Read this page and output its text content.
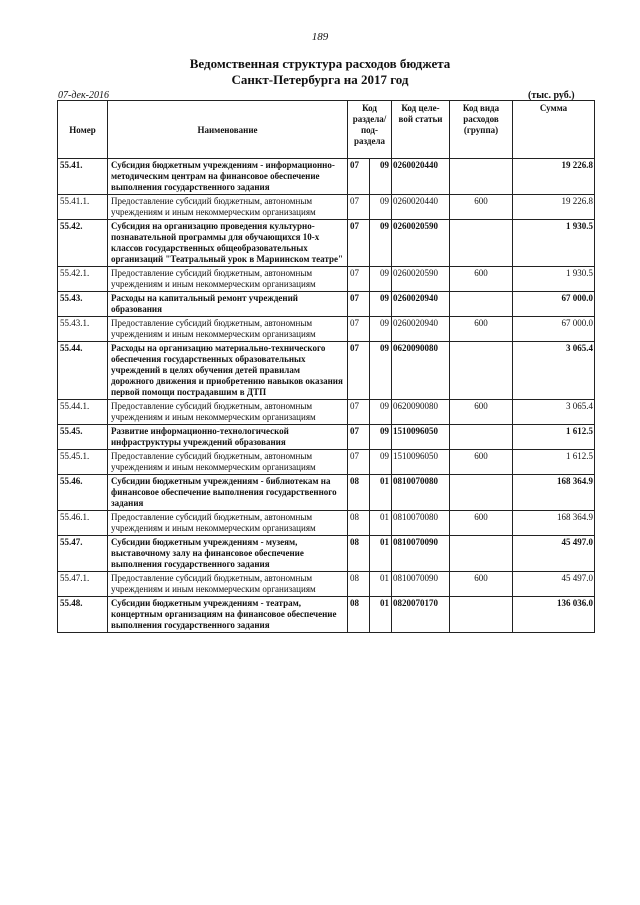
189
Ведомственная структура расходов бюджета
Санкт-Петербурга на 2017 год
07-дек-2016	(тыс. руб.)
Номер	Наименование	Код раздела/ под- раздела		Код целе- вой статьи	Код вида расходов (группа)	Сумма
55.41.	Субсидия бюджетным учреждениям - информационно-методическим центрам на финансовое обеспечение выполнения государственного задания	07	09	0260020440		19 226.8
55.41.1.	Предоставление субсидий бюджетным, автономным учреждениям и иным некоммерческим организациям	07	09	0260020440	600	19 226.8
55.42.	Субсидия на организацию проведения культурно-познавательной программы для обучающихся 10-х классов государственных общеобразовательных организаций "Театральный урок в Мариинском театре"	07	09	0260020590		1 930.5
55.42.1.	Предоставление субсидий бюджетным, автономным учреждениям и иным некоммерческим организациям	07	09	0260020590	600	1 930.5
55.43.	Расходы на капитальный ремонт учреждений образования	07	09	0260020940		67 000.0
55.43.1.	Предоставление субсидий бюджетным, автономным учреждениям и иным некоммерческим организациям	07	09	0260020940	600	67 000.0
55.44.	Расходы на организацию материально-технического обеспечения государственных образовательных учреждений в целях обучения детей правилам дорожного движения и приобретению навыков оказания первой помощи пострадавшим в ДТП	07	09	0620090080		3 065.4
55.44.1.	Предоставление субсидий бюджетным, автономным учреждениям и иным некоммерческим организациям	07	09	0620090080	600	3 065.4
55.45.	Развитие информационно-технологической инфраструктуры учреждений образования	07	09	1510096050		1 612.5
55.45.1.	Предоставление субсидий бюджетным, автономным учреждениям и иным некоммерческим организациям	07	09	1510096050	600	1 612.5
55.46.	Субсидии бюджетным учреждениям - библиотекам на финансовое обеспечение выполнения государственного задания	08	01	0810070080		168 364.9
55.46.1.	Предоставление субсидий бюджетным, автономным учреждениям и иным некоммерческим организациям	08	01	0810070080	600	168 364.9
55.47.	Субсидии бюджетным учреждениям - музеям, выставочному залу на финансовое обеспечение выполнения государственного задания	08	01	0810070090		45 497.0
55.47.1.	Предоставление субсидий бюджетным, автономным учреждениям и иным некоммерческим организациям	08	01	0810070090	600	45 497.0
55.48.	Субсидии бюджетным учреждениям - театрам, концертным организациям на финансовое обеспечение выполнения государственного задания	08	01	0820070170		136 036.0
